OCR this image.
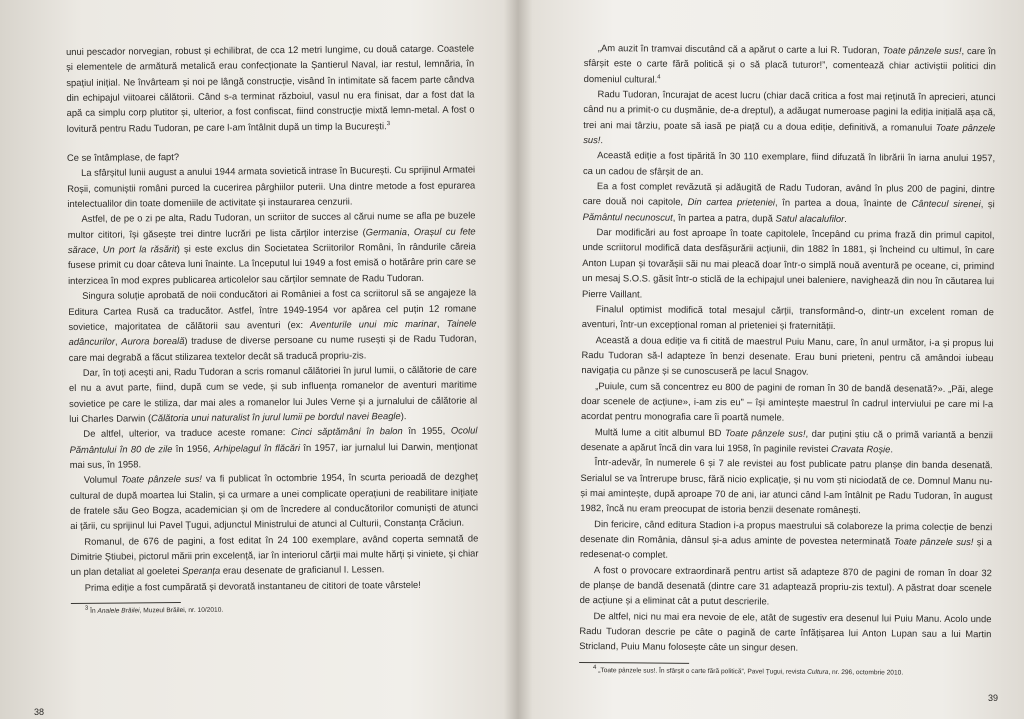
unui pescador norvegian, robust și echilibrat, de cca 12 metri lungime, cu două catarge. Coastele și elementele de armătură metalică erau confecționate la Șantierul Naval, iar restul, lemnăria, în spațiul inițial. Ne învârteam și noi pe lângă construcție, visând în intimitate să facem parte cândva din echipajul viitoarei călătorii. Când s-a terminat războiul, vasul nu era finisat, dar a fost dat la apă ca simplu corp plutitor și, ulterior, a fost confiscat, fiind construcție mixtă lemn-metal. A fost o lovitură pentru Radu Tudoran, pe care l-am întâlnit după un timp la București.$^3$

Ce se întâmplase, de fapt?

La sfârșitul lunii august a anului 1944 armata sovietică intrase în București. Cu sprijinul Armatei Roșii, comuniștii români purced la cucerirea pârghiilor puterii. Una dintre metode a fost epurarea intelectualilor din toate domeniile de activitate și instaurarea cenzurii.

Astfel, de pe o zi pe alta, Radu Tudoran, un scriitor de succes al cărui nume se afla pe buzele multor cititori, își găsește trei dintre lucrări pe lista cărților interzise (Germania, Orașul cu fete sărace, Un port la răsărit) și este exclus din Societatea Scriitorilor Români, în rândurile căreia fusese primit cu doar câteva luni înainte. La începutul lui 1949 a fost emisă o hotărâre prin care se interzicea în mod expres publicarea articolelor sau cărților semnate de Radu Tudoran.

Singura soluție aprobată de noii conducători ai României a fost ca scriitorul să se angajeze la Editura Cartea Rusă ca traducător. Astfel, între 1949-1954 vor apărea cel puțin 12 romane sovietice, majoritatea de călătorii sau aventuri (ex: Aventurile unui mic marinar, Tainele adâncurilor, Aurora boreală) traduse de diverse persoane cu nume rusești și de Radu Tudoran, care mai degrabă a făcut stilizarea textelor decât să traducă propriu-zis.

Dar, în toți acești ani, Radu Tudoran a scris romanul călătoriei în jurul lumii, o călătorie de care el nu a avut parte, fiind, după cum se vede, și sub influența romanelor de aventuri maritime sovietice pe care le stiliza, dar mai ales a romanelor lui Jules Verne și a jurnalului de călătorie al lui Charles Darwin (Călătoria unui naturalist în jurul lumii pe bordul navei Beagle).

De altfel, ulterior, va traduce aceste romane: Cinci săptămâni în balon în 1955, Ocolul Pământului în 80 de zile în 1956, Arhipelagul în flăcări în 1957, iar jurnalul lui Darwin, menționat mai sus, în 1958.

Volumul Toate pânzele sus! va fi publicat în octombrie 1954, în scurta perioadă de dezgheț cultural de după moartea lui Stalin, și ca urmare a unei complicate operațiuni de reabilitare inițiate de fratele său Geo Bogza, academician și om de încredere al conducătorilor comuniști de atunci ai țării, cu sprijinul lui Pavel Țugui, adjunctul Ministrului de atunci al Culturii, Constanța Crăciun.

Romanul, de 676 de pagini, a fost editat în 24 100 exemplare, având coperta semnată de Dimitrie Știubei, pictorul mării prin excelență, iar în interiorul cărții mai multe hărți și viniete, și chiar un plan detaliat al goeletei Speranța erau desenate de graficianul I. Lessen.

Prima ediție a fost cumpărată și devorată instantaneu de cititori de toate vârstele!

$^3$ În Analele Brăilei, Muzeul Brăilei, nr. 10/2010.

38

„Am auzit în tramvai discutând că a apărut o carte a lui R. Tudoran, Toate pânzele sus!, care în sfârșit este o carte fără politică și o să placă tuturor!”, comentează chiar activiștii politici din domeniul cultural.$^4$

Radu Tudoran, încurajat de acest lucru (chiar dacă critica a fost mai reținută în aprecieri, atunci când nu a primit-o cu dușmănie, de-a dreptul), a adăugat numeroase pagini la ediția inițială așa că, trei ani mai târziu, poate să iasă pe piață cu a doua ediție, definitivă, a romanului Toate pânzele sus!.

Această ediție a fost tipărită în 30 110 exemplare, fiind difuzată în librării în iarna anului 1957, ca un cadou de sfârșit de an.

Ea a fost complet revăzută și adăugită de Radu Tudoran, având în plus 200 de pagini, dintre care două noi capitole, Din cartea prieteniei, în partea a doua, înainte de Cântecul sirenei, și Pământul necunoscut, în partea a patra, după Satul alacalufilor.

Dar modificări au fost aproape în toate capitolele, începând cu prima frază din primul capitol, unde scriitorul modifică data desfășurării acțiunii, din 1882 în 1881, și încheind cu ultimul, în care Anton Lupan și tovarășii săi nu mai pleacă doar într-o simplă nouă aventură pe oceane, ci, primind un mesaj S.O.S. găsit într-o sticlă de la echipajul unei baleniere, navighează din nou în căutarea lui Pierre Vaillant.

Finalul optimist modifică total mesajul cărții, transformând-o, dintr-un excelent roman de aventuri, într-un excepțional roman al prieteniei și fraternității.

Această a doua ediție va fi citită de maestrul Puiu Manu, care, în anul următor, i-a și propus lui Radu Tudoran să-l adapteze în benzi desenate. Erau buni prieteni, pentru că amândoi iubeau navigația cu pânze și se cunoscuseră pe lacul Snagov.

„Puiule, cum să concentrez eu 800 de pagini de roman în 30 de bandă desenată?». „Păi, alege doar scenele de acțiune», i-am zis eu” – își amintește maestrul în cadrul interviului pe care mi l-a acordat pentru monografia care îi poartă numele.

Multă lume a citit albumul BD Toate pânzele sus!, dar puțini știu că o primă variantă a benzii desenate a apărut încă din vara lui 1958, în paginile revistei Cravata Roșie.

Într-adevăr, în numerele 6 și 7 ale revistei au fost publicate patru planșe din banda desenată. Serialul se va întrerupe brusc, fără nicio explicație, și nu vom ști niciodată de ce. Domnul Manu nu-și mai amintește, după aproape 70 de ani, iar atunci când l-am întâlnit pe Radu Tudoran, în august 1982, încă nu eram preocupat de istoria benzii desenate românești.

Din fericire, când editura Stadion i-a propus maestrului să colaboreze la prima colecție de benzi desenate din România, dânsul și-a adus aminte de povestea neterminată Toate pânzele sus! și a redesenat-o complet.

A fost o provocare extraordinară pentru artist să adapteze 870 de pagini de roman în doar 32 de planșe de bandă desenată (dintre care 31 adaptează propriu-zis textul). A păstrat doar scenele de acțiune și a eliminat cât a putut descrierile.

De altfel, nici nu mai era nevoie de ele, atât de sugestiv era desenul lui Puiu Manu. Acolo unde Radu Tudoran descrie pe câte o pagină de carte înfățișarea lui Anton Lupan sau a lui Martin Stricland, Puiu Manu folosește câte un singur desen.

$^4$ „Toate pânzele sus!. În sfârșit o carte fără politică”, Pavel Țugui, revista Cultura, nr. 296, octombrie 2010.

39
